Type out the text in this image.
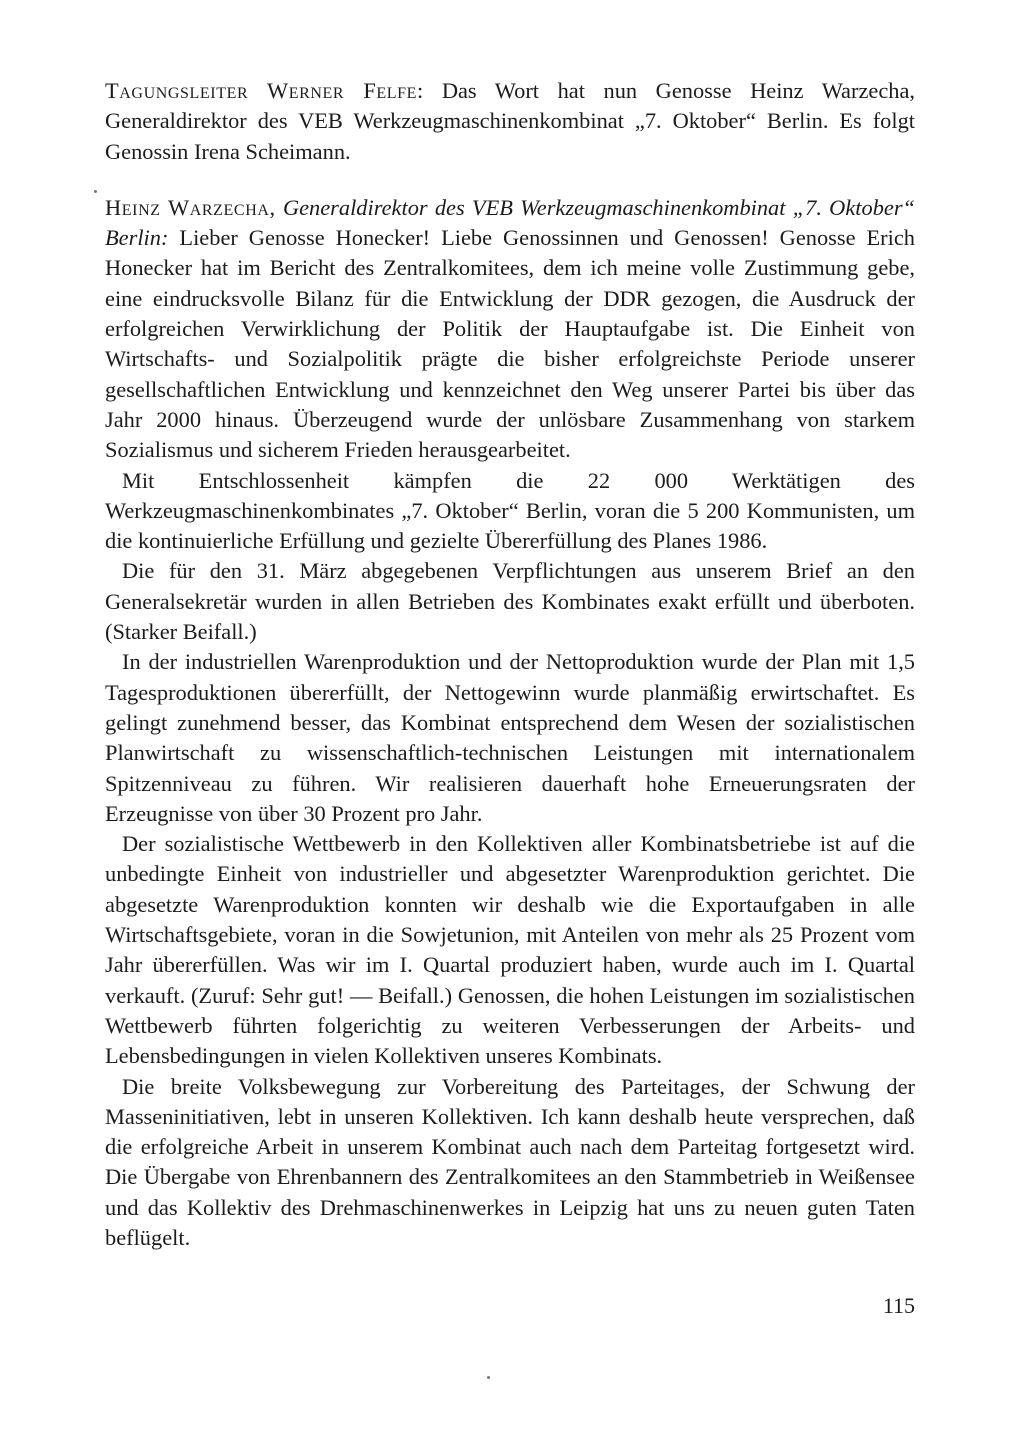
Tagungsleiter Werner Felfe: Das Wort hat nun Genosse Heinz Warzecha, Generaldirektor des VEB Werkzeugmaschinenkombinat „7. Oktober“ Berlin. Es folgt Genossin Irena Scheimann.

Heinz Warzecha, Generaldirektor des VEB Werkzeugmaschinenkombinat „7. Oktober“ Berlin: Lieber Genosse Honecker! Liebe Genossinnen und Genossen! Genosse Erich Honecker hat im Bericht des Zentralkomitees, dem ich meine volle Zustimmung gebe, eine eindrucksvolle Bilanz für die Entwicklung der DDR gezogen, die Ausdruck der erfolgreichen Verwirklichung der Politik der Hauptaufgabe ist. Die Einheit von Wirtschafts- und Sozialpolitik prägte die bisher erfolgreichste Periode unserer gesellschaftlichen Entwicklung und kennzeichnet den Weg unserer Partei bis über das Jahr 2000 hinaus. Überzeugend wurde der unlösbare Zusammenhang von starkem Sozialismus und sicherem Frieden herausgearbeitet.

Mit Entschlossenheit kämpfen die 22 000 Werktätigen des Werkzeugmaschinenkombinates „7. Oktober“ Berlin, voran die 5 200 Kommunisten, um die kontinuierliche Erfüllung und gezielte Übererfüllung des Planes 1986.

Die für den 31. März abgegebenen Verpflichtungen aus unserem Brief an den Generalsekretär wurden in allen Betrieben des Kombinates exakt erfüllt und überboten. (Starker Beifall.)

In der industriellen Warenproduktion und der Nettoproduktion wurde der Plan mit 1,5 Tagesproduktionen übererfüllt, der Nettogewinn wurde planmäßig erwirtschaftet. Es gelingt zunehmend besser, das Kombinat entsprechend dem Wesen der sozialistischen Planwirtschaft zu wissenschaftlich-technischen Leistungen mit internationalem Spitzenniveau zu führen. Wir realisieren dauerhaft hohe Erneuerungsraten der Erzeugnisse von über 30 Prozent pro Jahr.

Der sozialistische Wettbewerb in den Kollektiven aller Kombinatsbetriebe ist auf die unbedingte Einheit von industrieller und abgesetzter Warenproduktion gerichtet. Die abgesetzte Warenproduktion konnten wir deshalb wie die Exportaufgaben in alle Wirtschaftsgebiete, voran in die Sowjetunion, mit Anteilen von mehr als 25 Prozent vom Jahr übererfüllen. Was wir im I. Quartal produziert haben, wurde auch im I. Quartal verkauft. (Zuruf: Sehr gut! — Beifall.) Genossen, die hohen Leistungen im sozialistischen Wettbewerb führten folgerichtig zu weiteren Verbesserungen der Arbeits- und Lebensbedingungen in vielen Kollektiven unseres Kombinats.

Die breite Volksbewegung zur Vorbereitung des Parteitages, der Schwung der Masseninitiativen, lebt in unseren Kollektiven. Ich kann deshalb heute versprechen, daß die erfolgreiche Arbeit in unserem Kombinat auch nach dem Parteitag fortgesetzt wird. Die Übergabe von Ehrenbannern des Zentralkomitees an den Stammbetrieb in Weißensee und das Kollektiv des Drehmaschinenwerkes in Leipzig hat uns zu neuen guten Taten beflügelt.

115
